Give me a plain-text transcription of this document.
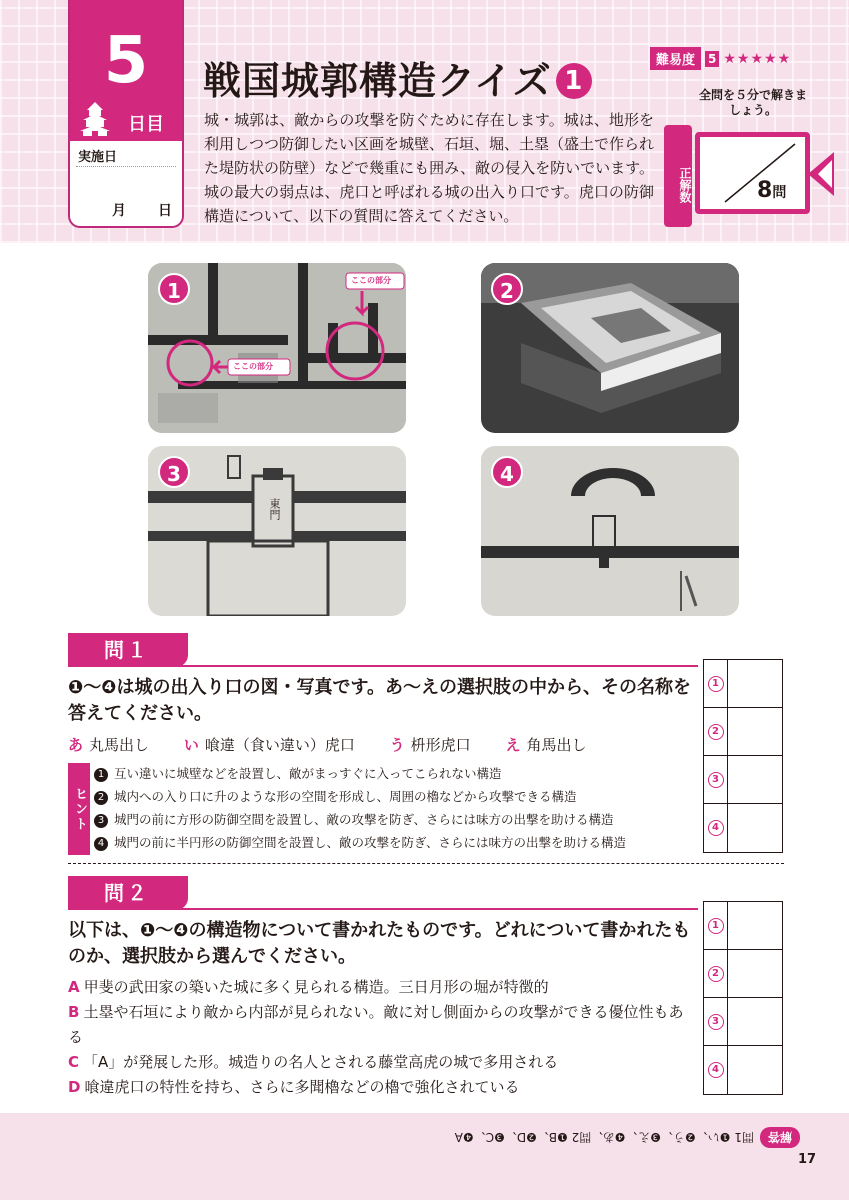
5
日目
実施日
月 日
戦国城郭構造クイズ 1
難易度	5 ★★★★★
城・城郭は、敵からの攻撃を防ぐために存在します。城は、地形を利用しつつ防御したい区画を城壁、石垣、堀、土塁（盛土で作られた堤防状の防壁）などで幾重にも囲み、敵の侵入を防いでいます。城の最大の弱点は、虎口と呼ばれる城の出入り口です。虎口の防御構造について、以下の質問に答えてください。
全問を５分で解きましょう。
正解数	8問
1
ここの部分
ここの部分	2
3
東門
4
問１
❶～❹は城の出入り口の図・写真です。あ～えの選択肢の中から、その名称を答えてください。
あ 丸馬出し い 喰違（食い違い）虎口 う 枡形虎口 え 角馬出し
ヒント
1 互い違いに城壁などを設置し、敵がまっすぐに入ってこられない構造
2 城内への入り口に升のような形の空間を形成し、周囲の櫓などから攻撃できる構造
3 城門の前に方形の防御空間を設置し、敵の攻撃を防ぎ、さらには味方の出撃を助ける構造
4 城門の前に半円形の防御空間を設置し、敵の攻撃を防ぎ、さらには味方の出撃を助ける構造
1
2
3
4
問２
以下は、❶～❹の構造物について書かれたものです。どれについて書かれたものか、選択肢から選んでください。
A 甲斐の武田家の築いた城に多く見られる構造。三日月形の堀が特徴的
B 土塁や石垣により敵から内部が見られない。敵に対し側面からの攻撃ができる優位性もある
C 「A」が発展した形。城造りの名人とされる藤堂高虎の城で多用される
D 喰違虎口の特性を持ち、さらに多聞櫓などの櫓で強化されている
1
2
3
4
解答
問1 ❶い、❷う、❸え、❹あ、問2 ❶B、❷D、❸C、❹A
17
